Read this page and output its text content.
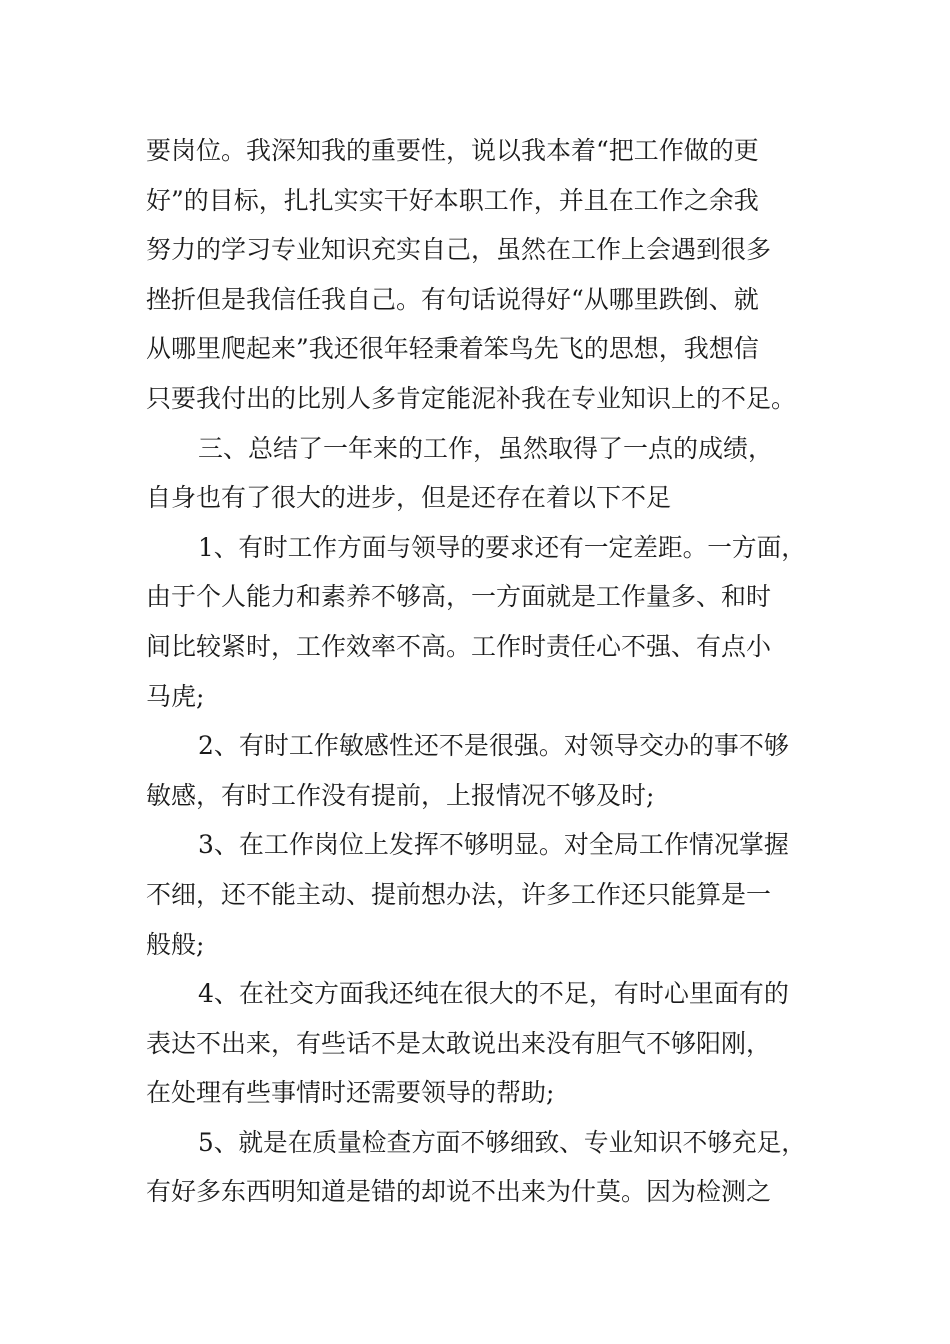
要岗位。我深知我的重要性，说以我本着“把工作做的更
好”的目标，扎扎实实干好本职工作，并且在工作之余我
努力的学习专业知识充实自己，虽然在工作上会遇到很多
挫折但是我信任我自己。有句话说得好“从哪里跌倒、就
从哪里爬起来”我还很年轻秉着笨鸟先飞的思想，我想信
只要我付出的比别人多肯定能泥补我在专业知识上的不足。
三、总结了一年来的工作，虽然取得了一点的成绩，
自身也有了很大的进步，但是还存在着以下不足
1、有时工作方面与领导的要求还有一定差距。一方面，
由于个人能力和素养不够高，一方面就是工作量多、和时
间比较紧时，工作效率不高。工作时责任心不强、有点小
马虎;
2、有时工作敏感性还不是很强。对领导交办的事不够
敏感，有时工作没有提前，上报情况不够及时;
3、在工作岗位上发挥不够明显。对全局工作情况掌握
不细，还不能主动、提前想办法，许多工作还只能算是一
般般;
4、在社交方面我还纯在很大的不足，有时心里面有的
表达不出来，有些话不是太敢说出来没有胆气不够阳刚，
在处理有些事情时还需要领导的帮助;
5、就是在质量检查方面不够细致、专业知识不够充足，
有好多东西明知道是错的却说不出来为什莫。因为检测之
